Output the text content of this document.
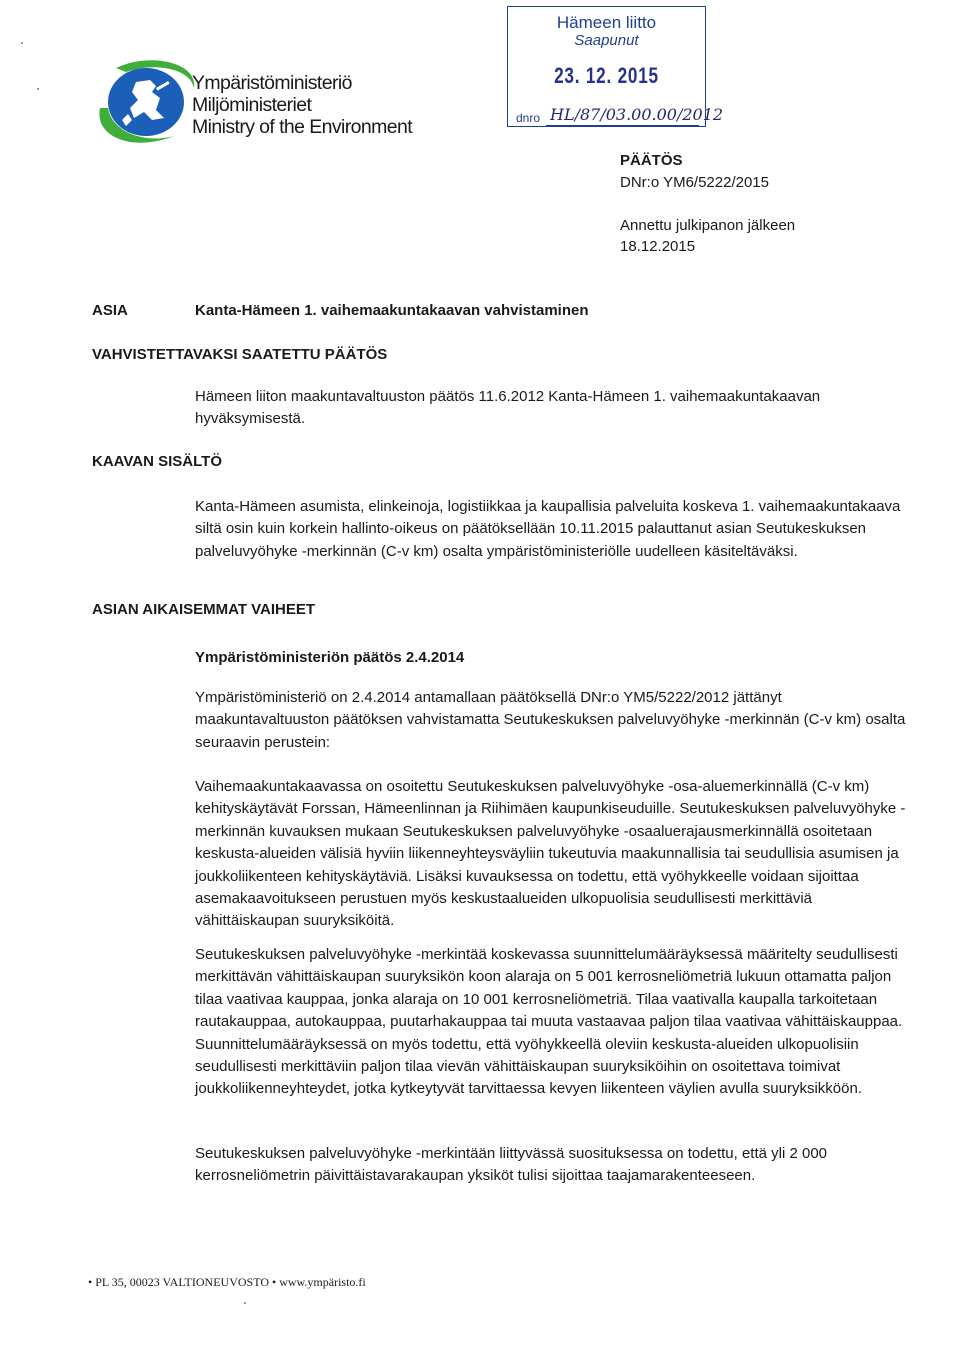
Ympäristöministeriö
Miljöministeriet
Ministry of the Environment
Hämeen liitto
Saapunut
23. 12. 2015
dnro HL/87/03.00.00/2012
PÄÄTÖS
DNr:o YM6/5222/2015
Annettu julkipanon jälkeen
18.12.2015
ASIA	Kanta-Hämeen 1. vaihemaakuntakaavan vahvistaminen
VAHVISTETTAVAKSI SAATETTU PÄÄTÖS

Hämeen liiton maakuntavaltuuston päätös 11.6.2012 Kanta-Hämeen 1. vaihemaakuntakaavan hyväksymisestä.

KAAVAN SISÄLTÖ

Kanta-Hämeen asumista, elinkeinoja, logistiikkaa ja kaupallisia palveluita koskeva 1. vaihemaakuntakaava siltä osin kuin korkein hallinto-oikeus on päätöksellään 10.11.2015 palauttanut asian Seutukeskuksen palveluvyöhyke -merkinnän (C-v km) osalta ympäristöministeriölle uudelleen käsiteltäväksi.

ASIAN AIKAISEMMAT VAIHEET
Ympäristöministeriön päätös 2.4.2014

Ympäristöministeriö on 2.4.2014 antamallaan päätöksellä DNr:o YM5/5222/2012 jättänyt maakuntavaltuuston päätöksen vahvistamatta Seutukeskuksen palveluvyöhyke -merkinnän (C-v km) osalta seuraavin perustein:

Vaihemaakuntakaavassa on osoitettu Seutukeskuksen palveluvyöhyke -osa-aluemerkinnällä (C-v km) kehityskäytävät Forssan, Hämeenlinnan ja Riihimäen kaupunkiseuduille. Seutukeskuksen palveluvyöhyke -merkinnän kuvauksen mukaan Seutukeskuksen palveluvyöhyke -osaaluerajausmerkinnällä osoitetaan keskusta-alueiden välisiä hyviin liikenneyhteysväyliin tukeutuvia maakunnallisia tai seudullisia asumisen ja joukkoliikenteen kehityskäytäviä. Lisäksi kuvauksessa on todettu, että vyöhykkeelle voidaan sijoittaa asemakaavoitukseen perustuen myös keskustaalueiden ulkopuolisia seudullisesti merkittäviä vähittäiskaupan suuryksiköitä.

Seutukeskuksen palveluvyöhyke -merkintää koskevassa suunnittelumääräyksessä määritelty seudullisesti merkittävän vähittäiskaupan suuryksikön koon alaraja on 5 001 kerrosneliömetriä lukuun ottamatta paljon tilaa vaativaa kauppaa, jonka alaraja on 10 001 kerrosneliömetriä. Tilaa vaativalla kaupalla tarkoitetaan rautakauppaa, autokauppaa, puutarhakauppaa tai muuta vastaavaa paljon tilaa vaativaa vähittäiskauppaa. Suunnittelumääräyksessä on myös todettu, että vyöhykkeellä oleviin keskusta-alueiden ulkopuolisiin seudullisesti merkittäviin paljon tilaa vievän vähittäiskaupan suuryksiköihin on osoitettava toimivat joukkoliikenneyhteydet, jotka kytkeytyvät tarvittaessa kevyen liikenteen väylien avulla suuryksikköön.

Seutukeskuksen palveluvyöhyke -merkintään liittyvässä suosituksessa on todettu, että yli 2 000 kerrosneliömetrin päivittäistavarakaupan yksiköt tulisi sijoittaa taajamarakenteeseen.

• PL 35, 00023 VALTIONEUVOSTO • www.ympäristo.fi
